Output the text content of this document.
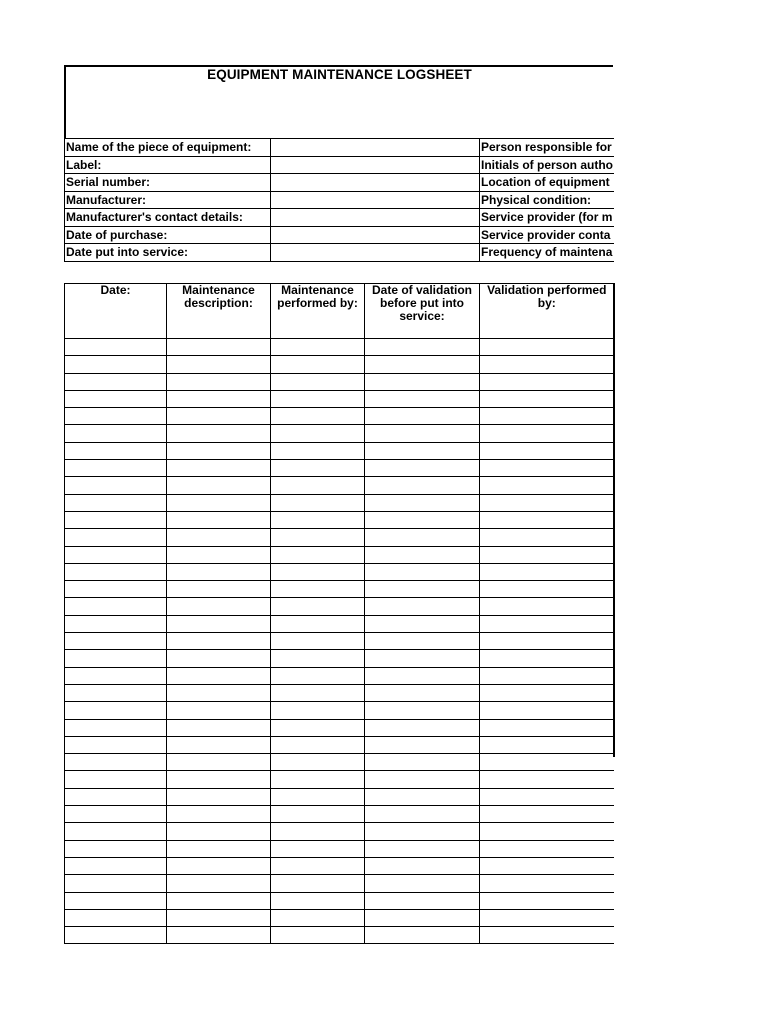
EQUIPMENT MAINTENANCE LOGSHEET
Name of the piece of equipment:		Person responsible for
Label:		Initials of person autho
Serial number:		Location of equipment
Manufacturer:		Physical condition:
Manufacturer's contact details:		Service provider (for m
Date of purchase:		Service provider conta
Date put into service:		Frequency of maintena
Date:	Maintenance description:	Maintenance performed by:	Date of validation before put into service:	Validation performed by:
